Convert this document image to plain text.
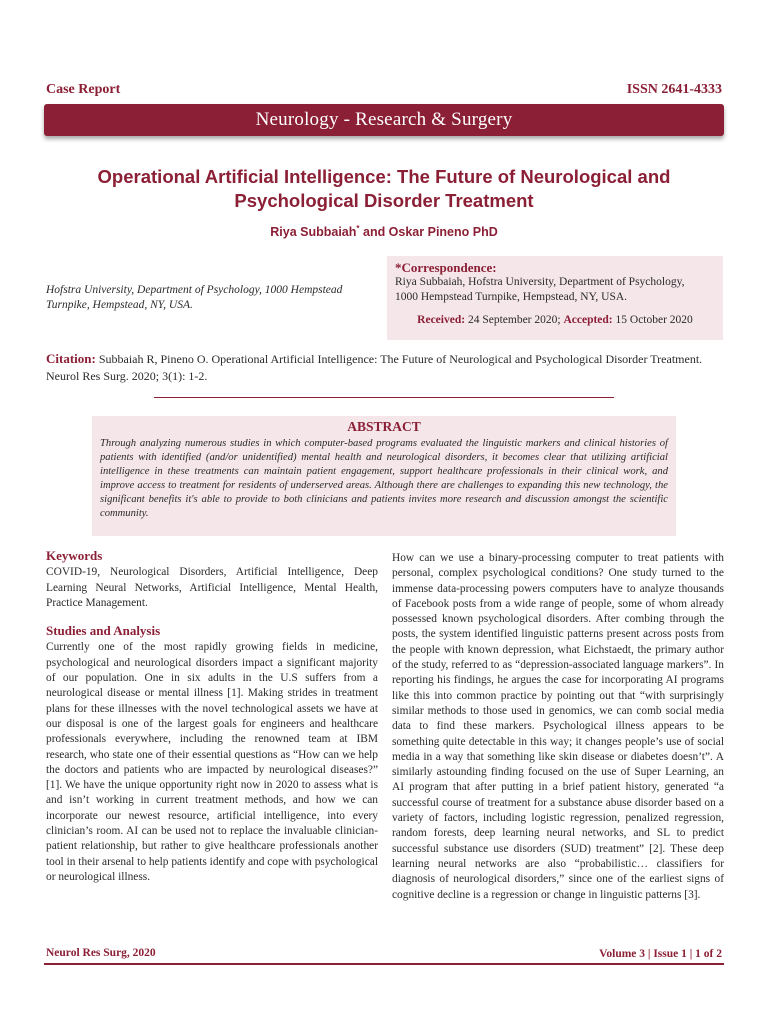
Case Report	ISSN 2641-4333
Neurology - Research & Surgery
Operational Artificial Intelligence: The Future of Neurological and
Psychological Disorder Treatment
Riya Subbaiah* and Oskar Pineno PhD
Hofstra University, Department of Psychology, 1000 Hempstead
Turnpike, Hempstead, NY, USA.
*Correspondence:
Riya Subbaiah, Hofstra University, Department of Psychology,
1000 Hempstead Turnpike, Hempstead, NY, USA.
Received: 24 September 2020; Accepted: 15 October 2020
Citation: Subbaiah R, Pineno O. Operational Artificial Intelligence: The Future of Neurological and Psychological Disorder Treatment. Neurol Res Surg. 2020; 3(1): 1-2.
ABSTRACT
Through analyzing numerous studies in which computer-based programs evaluated the linguistic markers and clinical histories of patients with identified (and/or unidentified) mental health and neurological disorders, it becomes clear that utilizing artificial intelligence in these treatments can maintain patient engagement, support healthcare professionals in their clinical work, and improve access to treatment for residents of underserved areas. Although there are challenges to expanding this new technology, the significant benefits it's able to provide to both clinicians and patients invites more research and discussion amongst the scientific community.
Keywords
COVID-19, Neurological Disorders, Artificial Intelligence, Deep Learning Neural Networks, Artificial Intelligence, Mental Health, Practice Management.
Studies and Analysis
Currently one of the most rapidly growing fields in medicine, psychological and neurological disorders impact a significant majority of our population. One in six adults in the U.S suffers from a neurological disease or mental illness [1]. Making strides in treatment plans for these illnesses with the novel technological assets we have at our disposal is one of the largest goals for engineers and healthcare professionals everywhere, including the renowned team at IBM research, who state one of their essential questions as “How can we help the doctors and patients who are impacted by neurological diseases?” [1]. We have the unique opportunity right now in 2020 to assess what is and isn’t working in current treatment methods, and how we can incorporate our newest resource, artificial intelligence, into every clinician’s room. AI can be used not to replace the invaluable clinician-patient relationship, but rather to give healthcare professionals another tool in their arsenal to help patients identify and cope with psychological or neurological illness.
How can we use a binary-processing computer to treat patients with personal, complex psychological conditions? One study turned to the immense data-processing powers computers have to analyze thousands of Facebook posts from a wide range of people, some of whom already possessed known psychological disorders. After combing through the posts, the system identified linguistic patterns present across posts from the people with known depression, what Eichstaedt, the primary author of the study, referred to as “depression-associated language markers”. In reporting his findings, he argues the case for incorporating AI programs like this into common practice by pointing out that “with surprisingly similar methods to those used in genomics, we can comb social media data to find these markers. Psychological illness appears to be something quite detectable in this way; it changes people’s use of social media in a way that something like skin disease or diabetes doesn’t”. A similarly astounding finding focused on the use of Super Learning, an AI program that after putting in a brief patient history, generated “a successful course of treatment for a substance abuse disorder based on a variety of factors, including logistic regression, penalized regression, random forests, deep learning neural networks, and SL to predict successful substance use disorders (SUD) treatment” [2]. These deep learning neural networks are also “probabilistic… classifiers for diagnosis of neurological disorders,” since one of the earliest signs of cognitive decline is a regression or change in linguistic patterns [3].
Neurol Res Surg, 2020	Volume 3 | Issue 1 | 1 of 2
